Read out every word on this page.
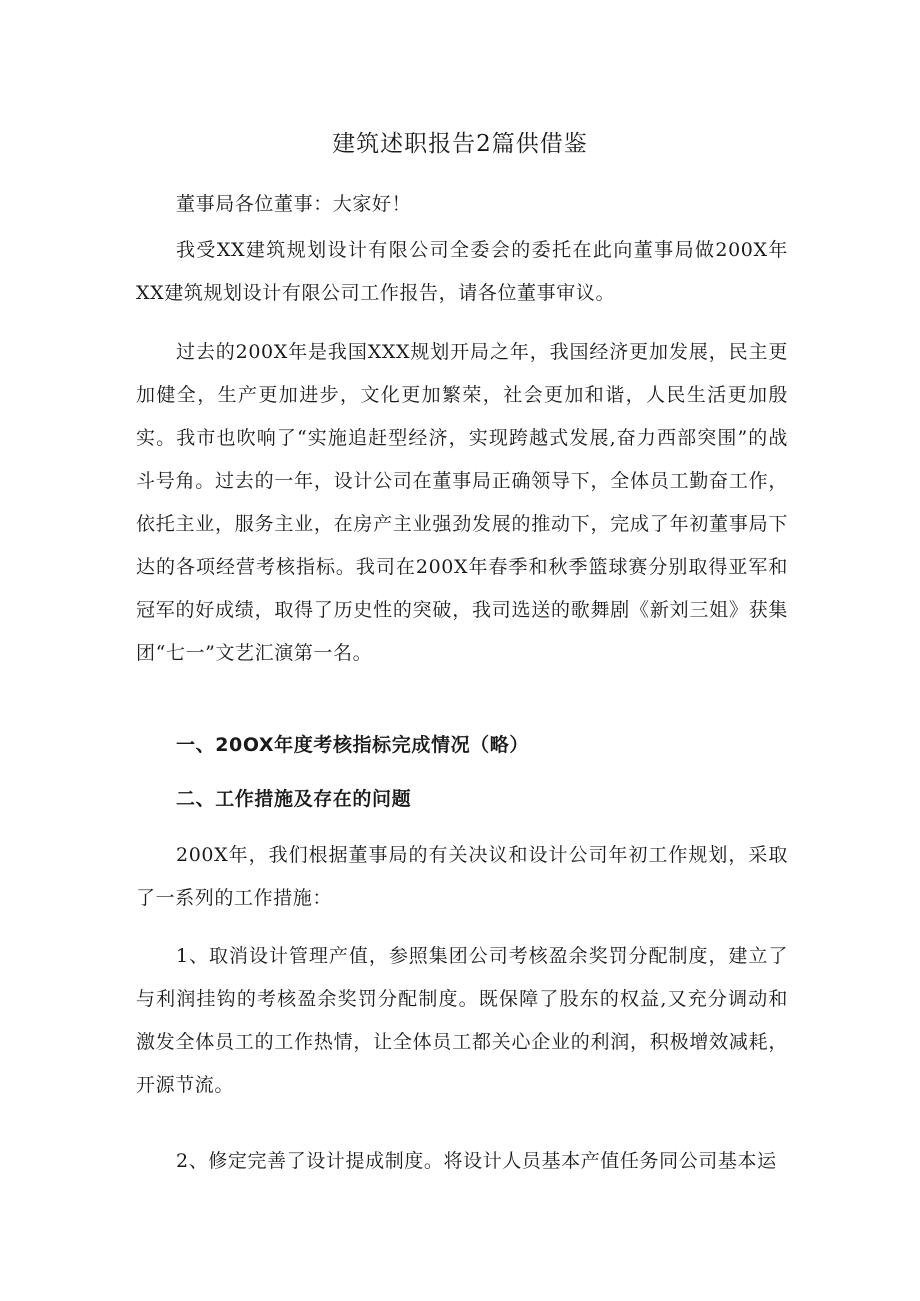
建筑述职报告2篇供借鉴
董事局各位董事：大家好！
我受XX建筑规划设计有限公司全委会的委托在此向董事局做200X年XX建筑规划设计有限公司工作报告，请各位董事审议。
过去的200X年是我国XXX规划开局之年，我国经济更加发展，民主更加健全，生产更加进步，文化更加繁荣，社会更加和谐，人民生活更加殷实。我市也吹响了“实施追赶型经济，实现跨越式发展,奋力西部突围”的战斗号角。过去的一年，设计公司在董事局正确领导下，全体员工勤奋工作，依托主业，服务主业，在房产主业强劲发展的推动下，完成了年初董事局下达的各项经营考核指标。我司在200X年春季和秋季篮球赛分别取得亚军和冠军的好成绩，取得了历史性的突破，我司选送的歌舞剧《新刘三姐》获集团“七一”文艺汇演第一名。
一、20OX年度考核指标完成情况（略）
二、工作措施及存在的问题
200X年，我们根据董事局的有关决议和设计公司年初工作规划，采取了一系列的工作措施：
1、取消设计管理产值，参照集团公司考核盈余奖罚分配制度，建立了与利润挂钩的考核盈余奖罚分配制度。既保障了股东的权益,又充分调动和激发全体员工的工作热情，让全体员工都关心企业的利润，积极增效减耗，开源节流。
2、修定完善了设计提成制度。将设计人员基本产值任务同公司基本运
